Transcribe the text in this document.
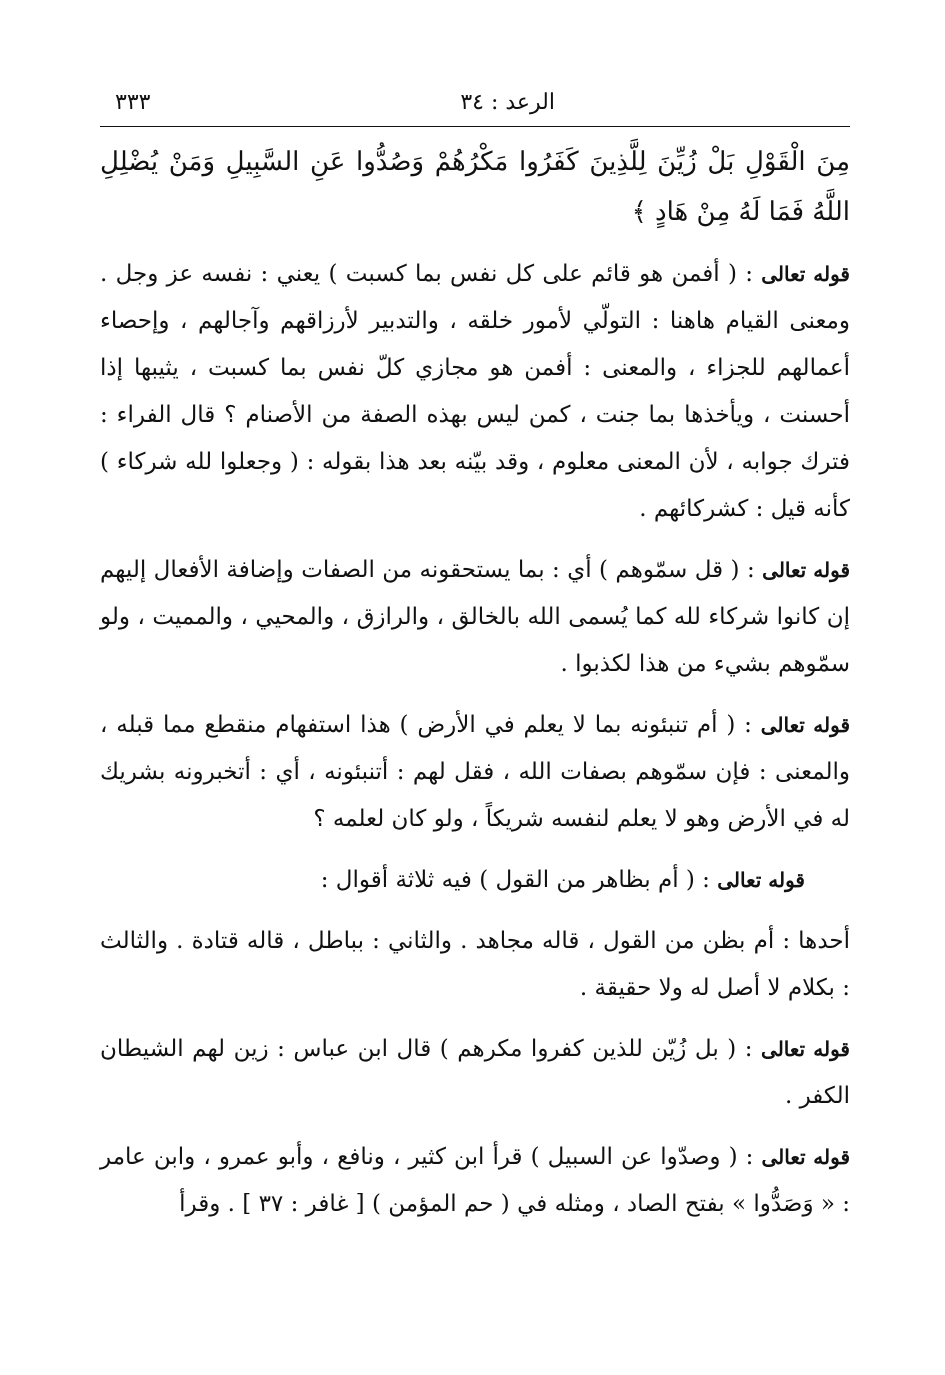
الرعد : ٣٤
٣٣٣
مِنَ الْقَوْلِ بَلْ زُيِّنَ لِلَّذِينَ كَفَرُوا مَكْرُهُمْ وَصُدُّوا عَنِ السَّبِيلِ وَمَنْ يُضْلِلِ اللَّهُ فَمَا لَهُ مِنْ هَادٍ ﴾

قوله تعالى : ( أفمن هو قائم على كل نفس بما كسبت ) يعني : نفسه عز وجل . ومعنى القيام هاهنا : التولّي لأمور خلقه ، والتدبير لأرزاقهم وآجالهم ، وإحصاء أعمالهم للجزاء ، والمعنى : أفمن هو مجازي كلّ نفس بما كسبت ، يثيبها إذا أحسنت ، ويأخذها بما جنت ، كمن ليس بهذه الصفة من الأصنام ؟ قال الفراء : فترك جوابه ، لأن المعنى معلوم ، وقد بيّنه بعد هذا بقوله : ( وجعلوا لله شركاء ) كأنه قيل : كشركائهم .

قوله تعالى : ( قل سمّوهم ) أي : بما يستحقونه من الصفات وإضافة الأفعال إليهم إن كانوا شركاء لله كما يُسمى الله بالخالق ، والرازق ، والمحيي ، والمميت ، ولو سمّوهم بشيء من هذا لكذبوا .

قوله تعالى : ( أم تنبئونه بما لا يعلم في الأرض ) هذا استفهام منقطع مما قبله ، والمعنى : فإن سمّوهم بصفات الله ، فقل لهم : أتنبئونه ، أي : أتخبرونه بشريك له في الأرض وهو لا يعلم لنفسه شريكاً ، ولو كان لعلمه ؟

قوله تعالى : ( أم بظاهر من القول ) فيه ثلاثة أقوال :

أحدها : أم بظن من القول ، قاله مجاهد . والثاني : بباطل ، قاله قتادة . والثالث : بكلام لا أصل له ولا حقيقة .

قوله تعالى : ( بل زُيّن للذين كفروا مكرهم ) قال ابن عباس : زين لهم الشيطان الكفر .

قوله تعالى : ( وصدّوا عن السبيل ) قرأ ابن كثير ، ونافع ، وأبو عمرو ، وابن عامر : « وَصَدُّوا » بفتح الصاد ، ومثله في ( حم المؤمن ) [ غافر : ٣٧ ] . وقرأ
